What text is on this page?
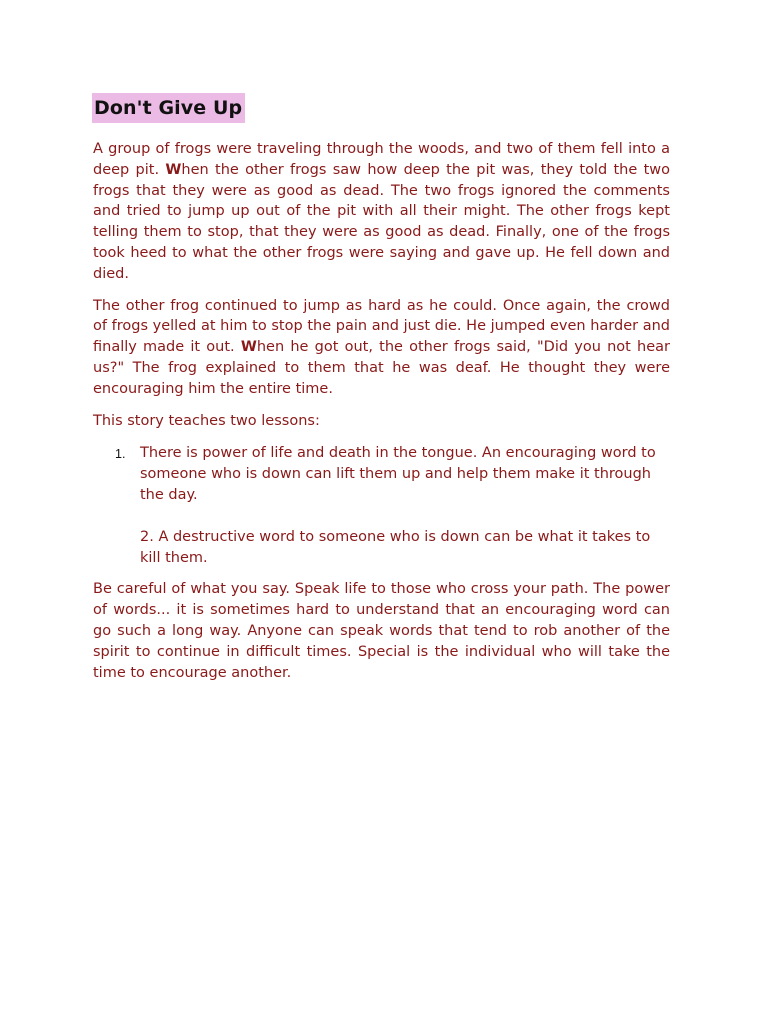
Don't Give Up

A group of frogs were traveling through the woods, and two of them fell into a deep pit. When the other frogs saw how deep the pit was, they told the two frogs that they were as good as dead. The two frogs ignored the comments and tried to jump up out of the pit with all their might. The other frogs kept telling them to stop, that they were as good as dead. Finally, one of the frogs took heed to what the other frogs were saying and gave up. He fell down and died.

The other frog continued to jump as hard as he could. Once again, the crowd of frogs yelled at him to stop the pain and just die. He jumped even harder and finally made it out. When he got out, the other frogs said, "Did you not hear us?" The frog explained to them that he was deaf. He thought they were encouraging him the entire time.

This story teaches two lessons:

1. There is power of life and death in the tongue. An encouraging word to someone who is down can lift them up and help them make it through the day.
2. A destructive word to someone who is down can be what it takes to kill them.

Be careful of what you say. Speak life to those who cross your path. The power of words... it is sometimes hard to understand that an encouraging word can go such a long way. Anyone can speak words that tend to rob another of the spirit to continue in difficult times. Special is the individual who will take the time to encourage another.
